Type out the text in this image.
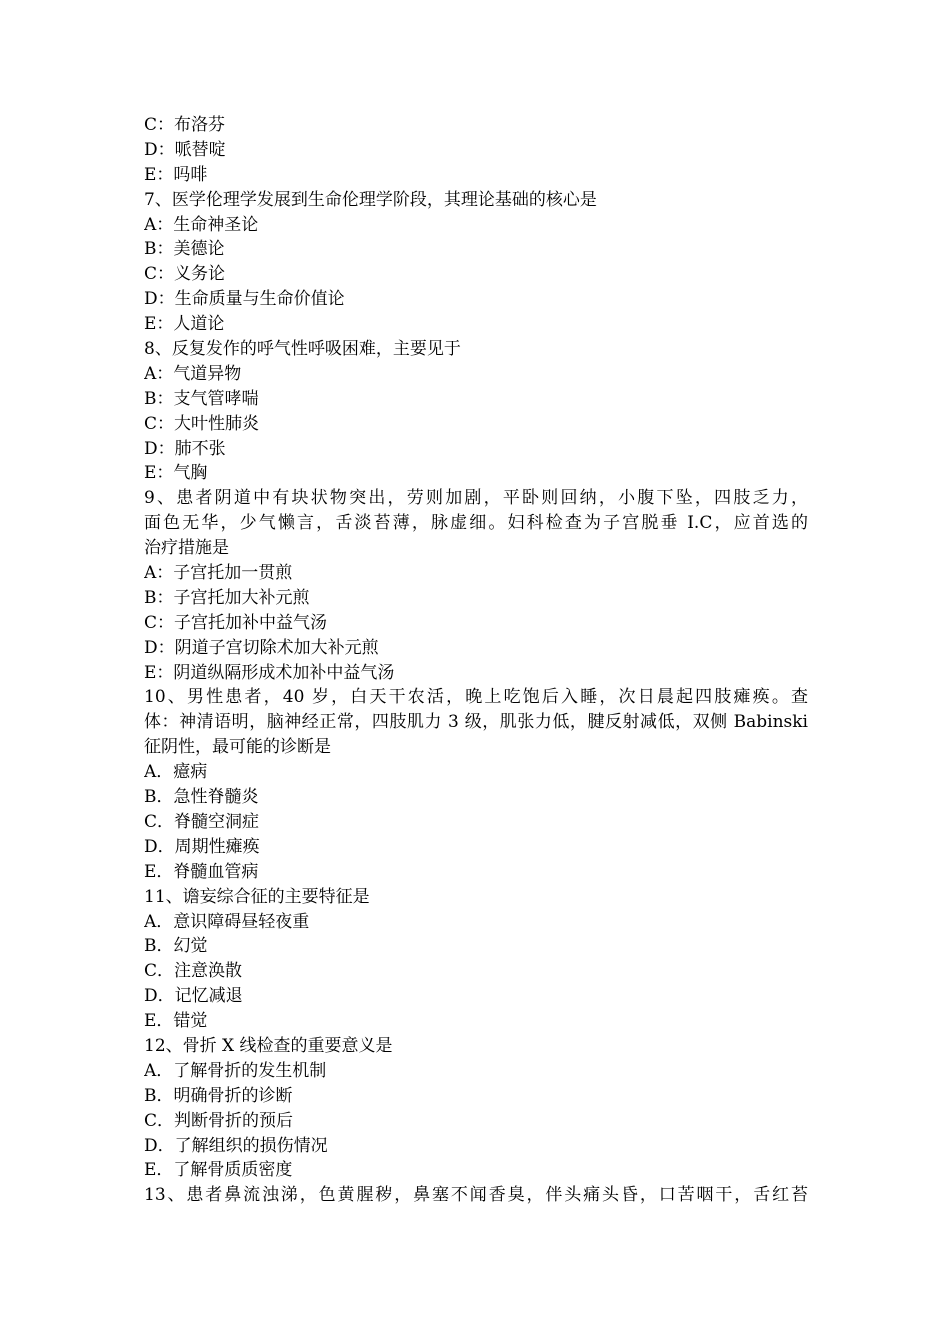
C：布洛芬
D：哌替啶
E：吗啡
7、医学伦理学发展到生命伦理学阶段，其理论基础的核心是
A：生命神圣论
B：美德论
C：义务论
D：生命质量与生命价值论
E：人道论
8、反复发作的呼气性呼吸困难，主要见于
A：气道异物
B：支气管哮喘
C：大叶性肺炎
D：肺不张
E：气胸
9、患者阴道中有块状物突出，劳则加剧，平卧则回纳，小腹下坠，四肢乏力，
面色无华，少气懒言，舌淡苔薄，脉虚细。妇科检查为子宫脱垂 I.C，应首选的
治疗措施是
A：子宫托加一贯煎
B：子宫托加大补元煎
C：子宫托加补中益气汤
D：阴道子宫切除术加大补元煎
E：阴道纵隔形成术加补中益气汤
10、男性患者，40 岁，白天干农活，晚上吃饱后入睡，次日晨起四肢瘫痪。查
体：神清语明，脑神经正常，四肢肌力 3 级，肌张力低，腱反射减低，双侧 Babinski
征阴性，最可能的诊断是
A．癔病
B．急性脊髓炎
C．脊髓空洞症
D．周期性瘫痪
E．脊髓血管病
11、谵妄综合征的主要特征是
A．意识障碍昼轻夜重
B．幻觉
C．注意涣散
D．记忆减退
E．错觉
12、骨折 X 线检查的重要意义是
A．了解骨折的发生机制
B．明确骨折的诊断
C．判断骨折的预后
D．了解组织的损伤情况
E．了解骨质质密度
13、患者鼻流浊涕，色黄腥秽，鼻塞不闻香臭，伴头痛头昏，口苦咽干，舌红苔
